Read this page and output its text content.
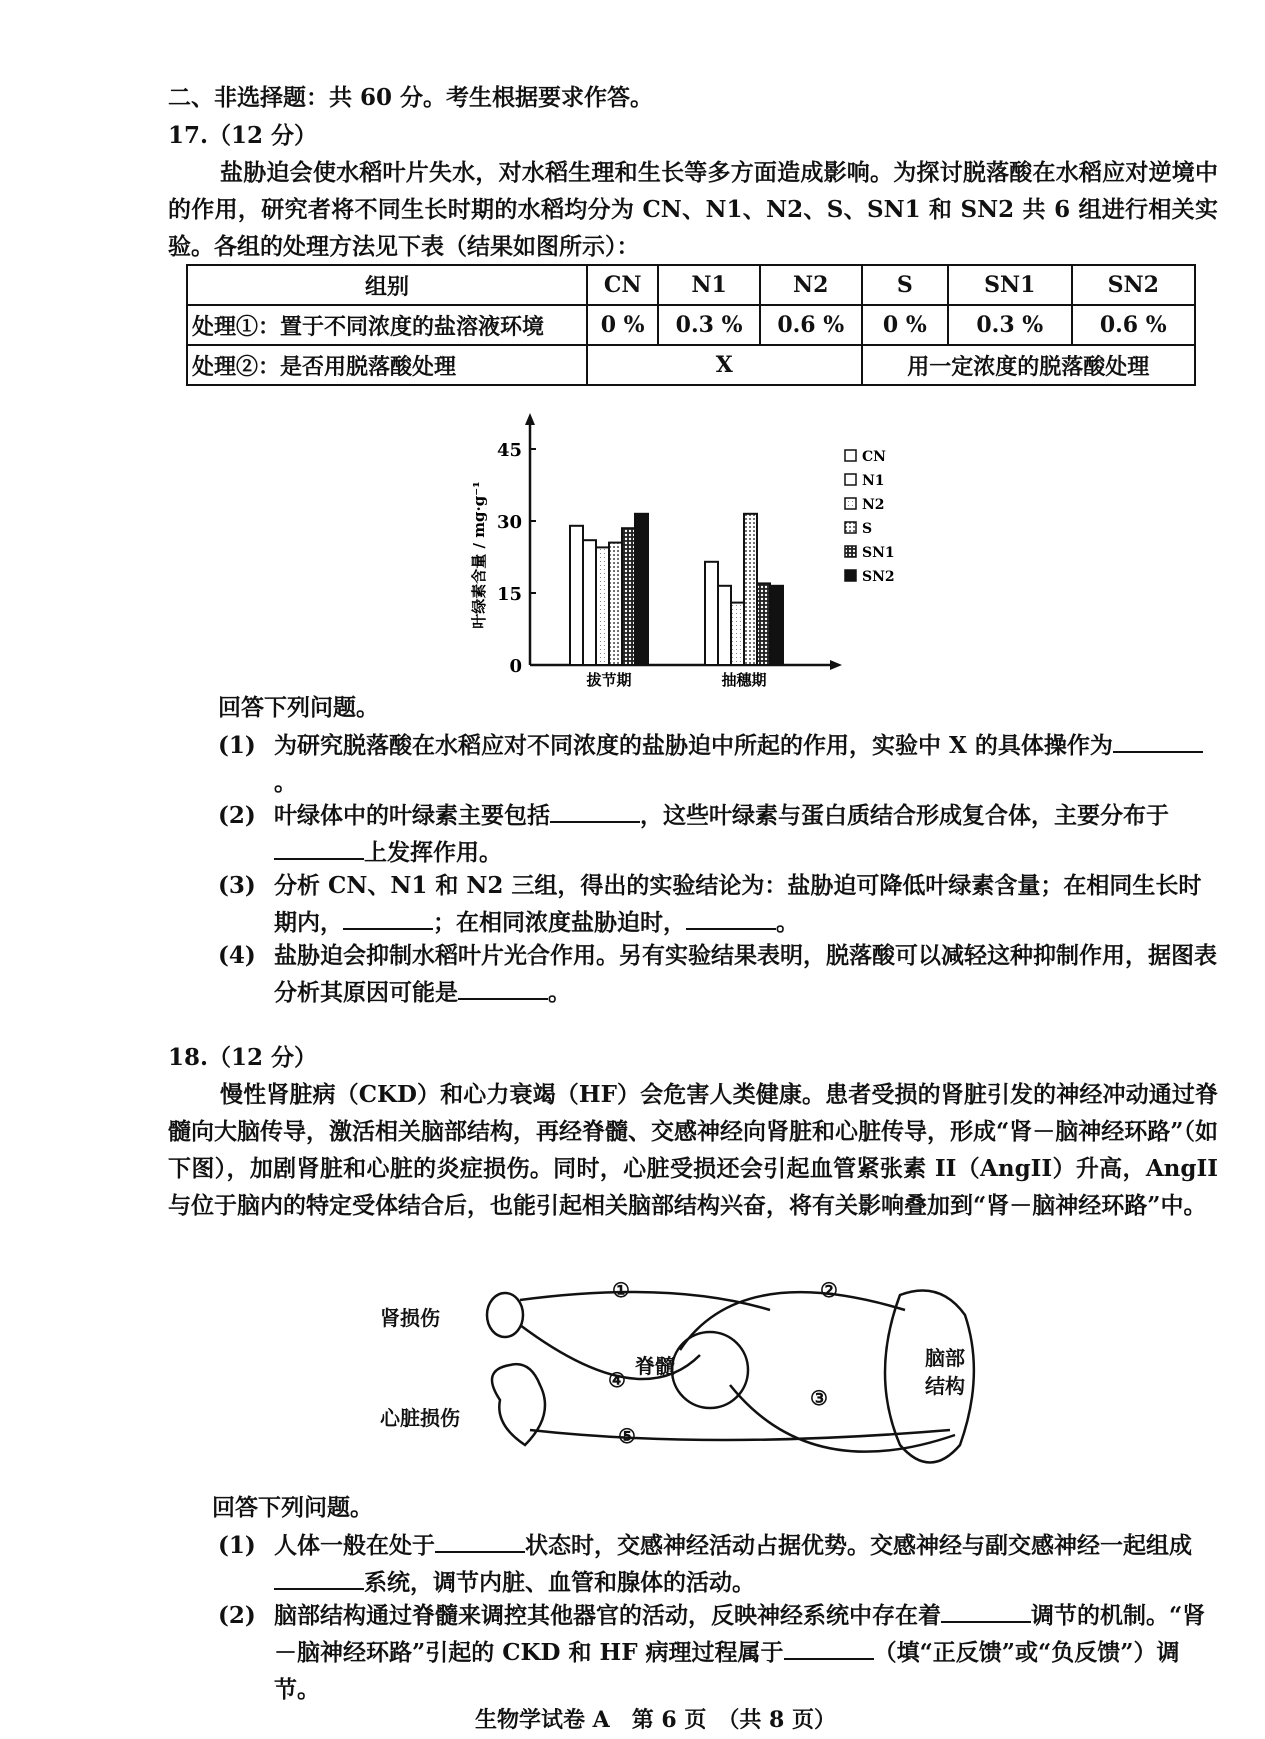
二、非选择题：共 60 分。考生根据要求作答。
17.（12 分）
盐胁迫会使水稻叶片失水，对水稻生理和生长等多方面造成影响。为探讨脱落酸在水稻应对逆境中的作用，研究者将不同生长时期的水稻均分为 CN、N1、N2、S、SN1 和 SN2 共 6 组进行相关实验。各组的处理方法见下表（结果如图所示）：
组别	CN	N1	N2	S	SN1	SN2
处理①：置于不同浓度的盐溶液环境	0 %	0.3 %	0.6 %	0 %	0.3 %	0.6 %
处理②：是否用脱落酸处理	X			用一定浓度的脱落酸处理		
0
15
30
45
叶绿素含量 / mg·g⁻¹
拔节期	抽穗期
CN
N1
N2
S
SN1
SN2
回答下列问题。
(1) 为研究脱落酸在水稻应对不同浓度的盐胁迫中所起的作用，实验中 X 的具体操作为。
(2) 叶绿体中的叶绿素主要包括	，这些叶绿素与蛋白质结合形成复合体，主要分布于上发挥作用。
(3) 分析 CN、N1 和 N2 三组，得出的实验结论为：盐胁迫可降低叶绿素含量；在相同生长时期内，	；在相同浓度盐胁迫时，	。
(4) 盐胁迫会抑制水稻叶片光合作用。另有实验结果表明，脱落酸可以减轻这种抑制作用，据图表分析其原因可能是	。
18.（12 分）
慢性肾脏病（CKD）和心力衰竭（HF）会危害人类健康。患者受损的肾脏引发的神经冲动通过脊髓向大脑传导，激活相关脑部结构，再经脊髓、交感神经向肾脏和心脏传导，形成“肾－脑神经环路”（如下图），加剧肾脏和心脏的炎症损伤。同时，心脏受损还会引起血管紧张素 II（AngII）升高，AngII 与位于脑内的特定受体结合后，也能引起相关脑部结构兴奋，将有关影响叠加到“肾－脑神经环路”中。
肾损伤
心脏损伤
脊髓	脑部
结构
①	②
③
④
⑤
回答下列问题。
(1) 人体一般在处于	状态时，交感神经活动占据优势。交感神经与副交感神经一起组成系统，调节内脏、血管和腺体的活动。
(2) 脑部结构通过脊髓来调控其他器官的活动，反映神经系统中存在着	调节的机制。“肾－脑神经环路”引起的 CKD 和 HF 病理过程属于	（填“正反馈”或“负反馈”）调节。
生物学试卷 A　第 6 页　（共 8 页）
